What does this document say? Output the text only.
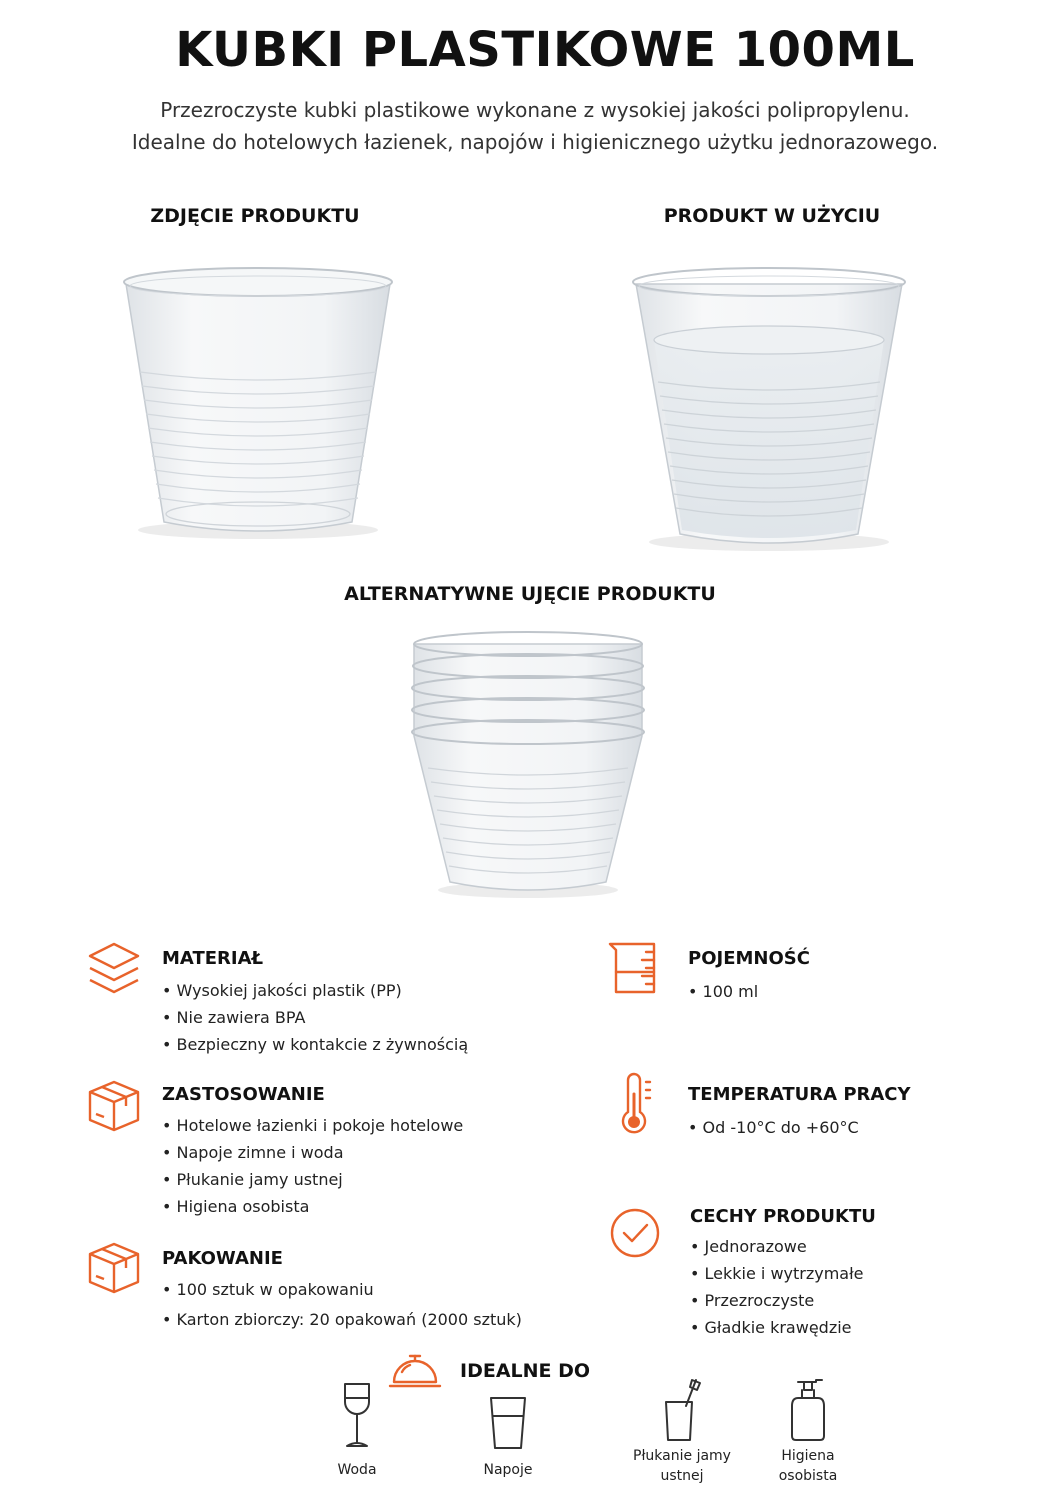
KUBKI PLASTIKOWE 100ML
Przezroczyste kubki plastikowe wykonane z wysokiej jakości polipropylenu.
Idealne do hotelowych łazienek, napojów i higienicznego użytku jednorazowego.
ZDJĘCIE PRODUKTU	PRODUKT W UŻYCIU
ALTERNATYWNE UJĘCIE PRODUKTU
MATERIAŁ
• Wysokiej jakości plastik (PP)
• Nie zawiera BPA
• Bezpieczny w kontakcie z żywnością
ZASTOSOWANIE
• Hotelowe łazienki i pokoje hotelowe
• Napoje zimne i woda
• Płukanie jamy ustnej
• Higiena osobista
PAKOWANIE
• 100 sztuk w opakowaniu
• Karton zbiorczy: 20 opakowań (2000 sztuk)
POJEMNOŚĆ
• 100 ml
TEMPERATURA PRACY
• Od -10°C do +60°C
CECHY PRODUKTU
• Jednorazowe
• Lekkie i wytrzymałe
• Przezroczyste
• Gładkie krawędzie
IDEALNE DO
Woda	Napoje
Płukanie jamy
ustnej
Higiena
osobista
